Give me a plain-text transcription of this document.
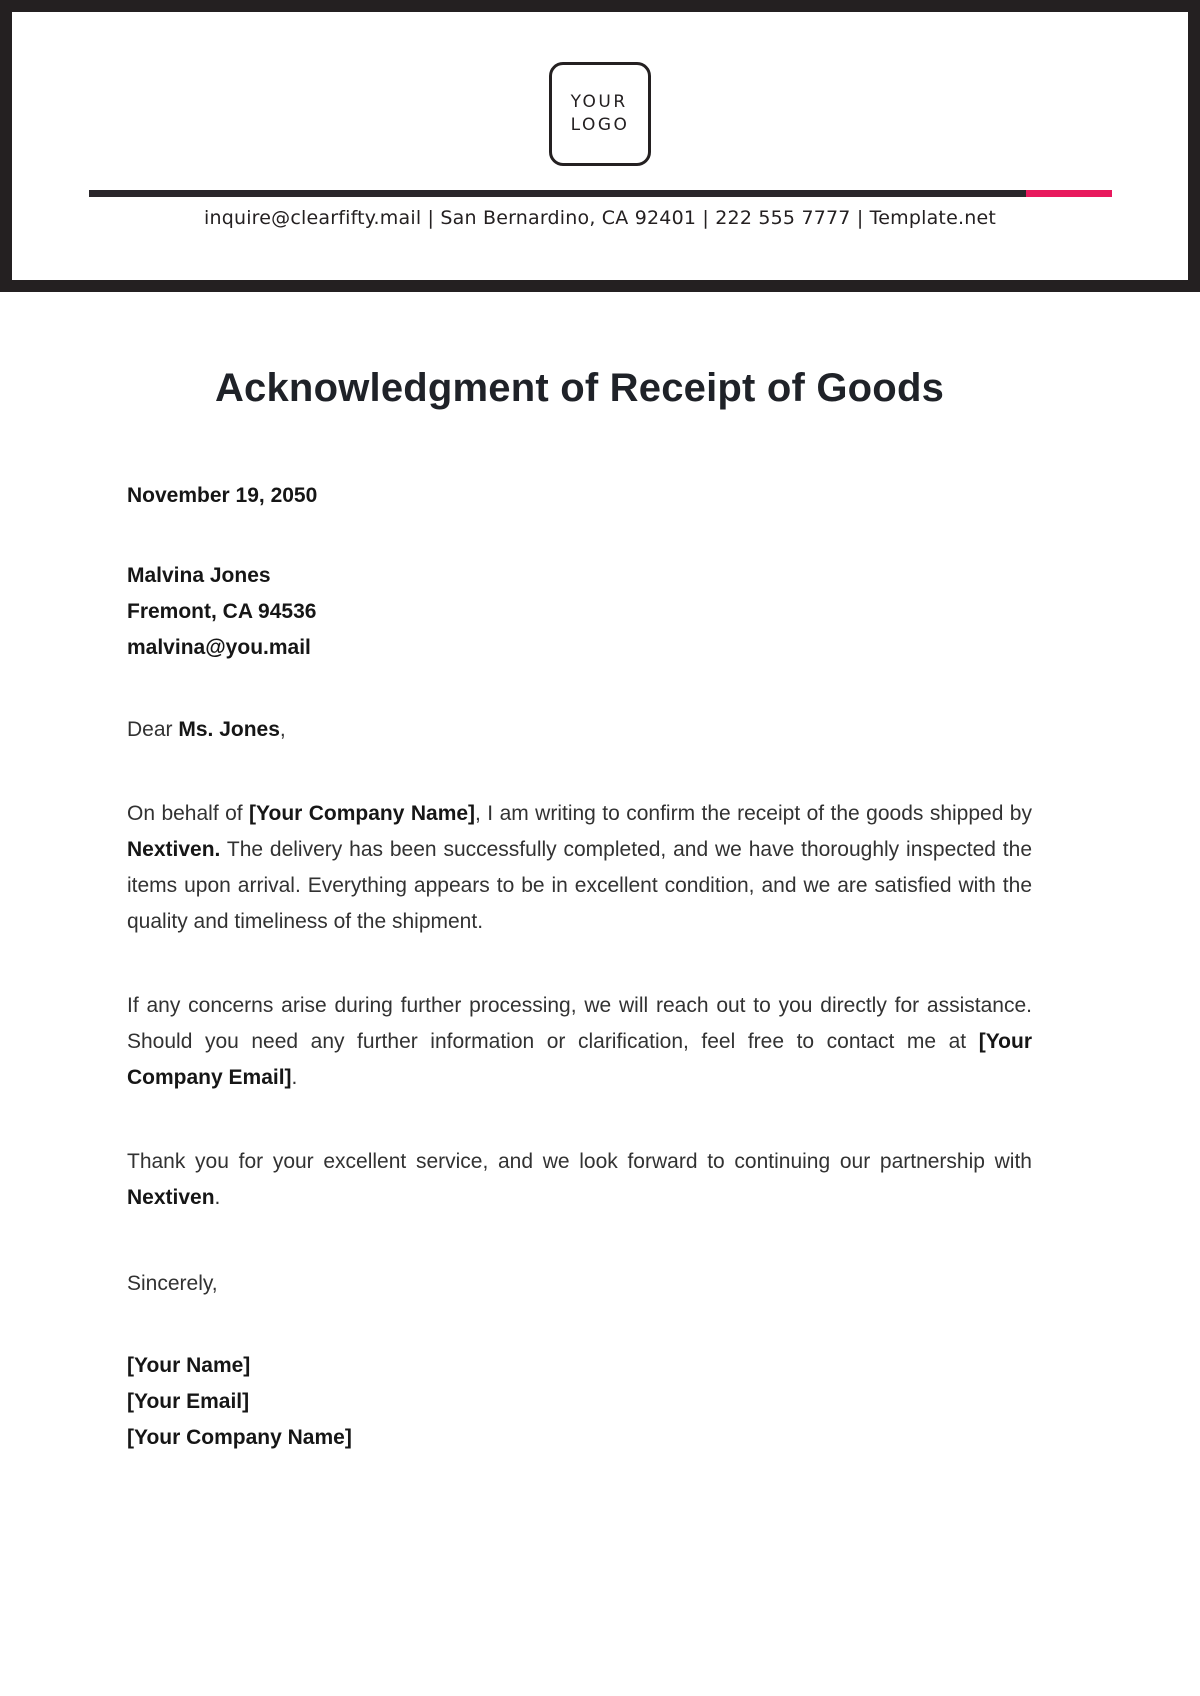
YOUR
LOGO
inquire@clearfifty.mail | San Bernardino, CA 92401 | 222 555 7777 | Template.net
Acknowledgment of Receipt of Goods

November 19, 2050

Malvina Jones
Fremont, CA 94536
malvina@you.mail

Dear Ms. Jones,

On behalf of [Your Company Name], I am writing to confirm the receipt of the goods shipped by Nextiven. The delivery has been successfully completed, and we have thoroughly inspected the items upon arrival. Everything appears to be in excellent condition, and we are satisfied with the quality and timeliness of the shipment.

If any concerns arise during further processing, we will reach out to you directly for assistance. Should you need any further information or clarification, feel free to contact me at [Your Company Email].

Thank you for your excellent service, and we look forward to continuing our partnership with Nextiven.

Sincerely,

[Your Name]
[Your Email]
[Your Company Name]
